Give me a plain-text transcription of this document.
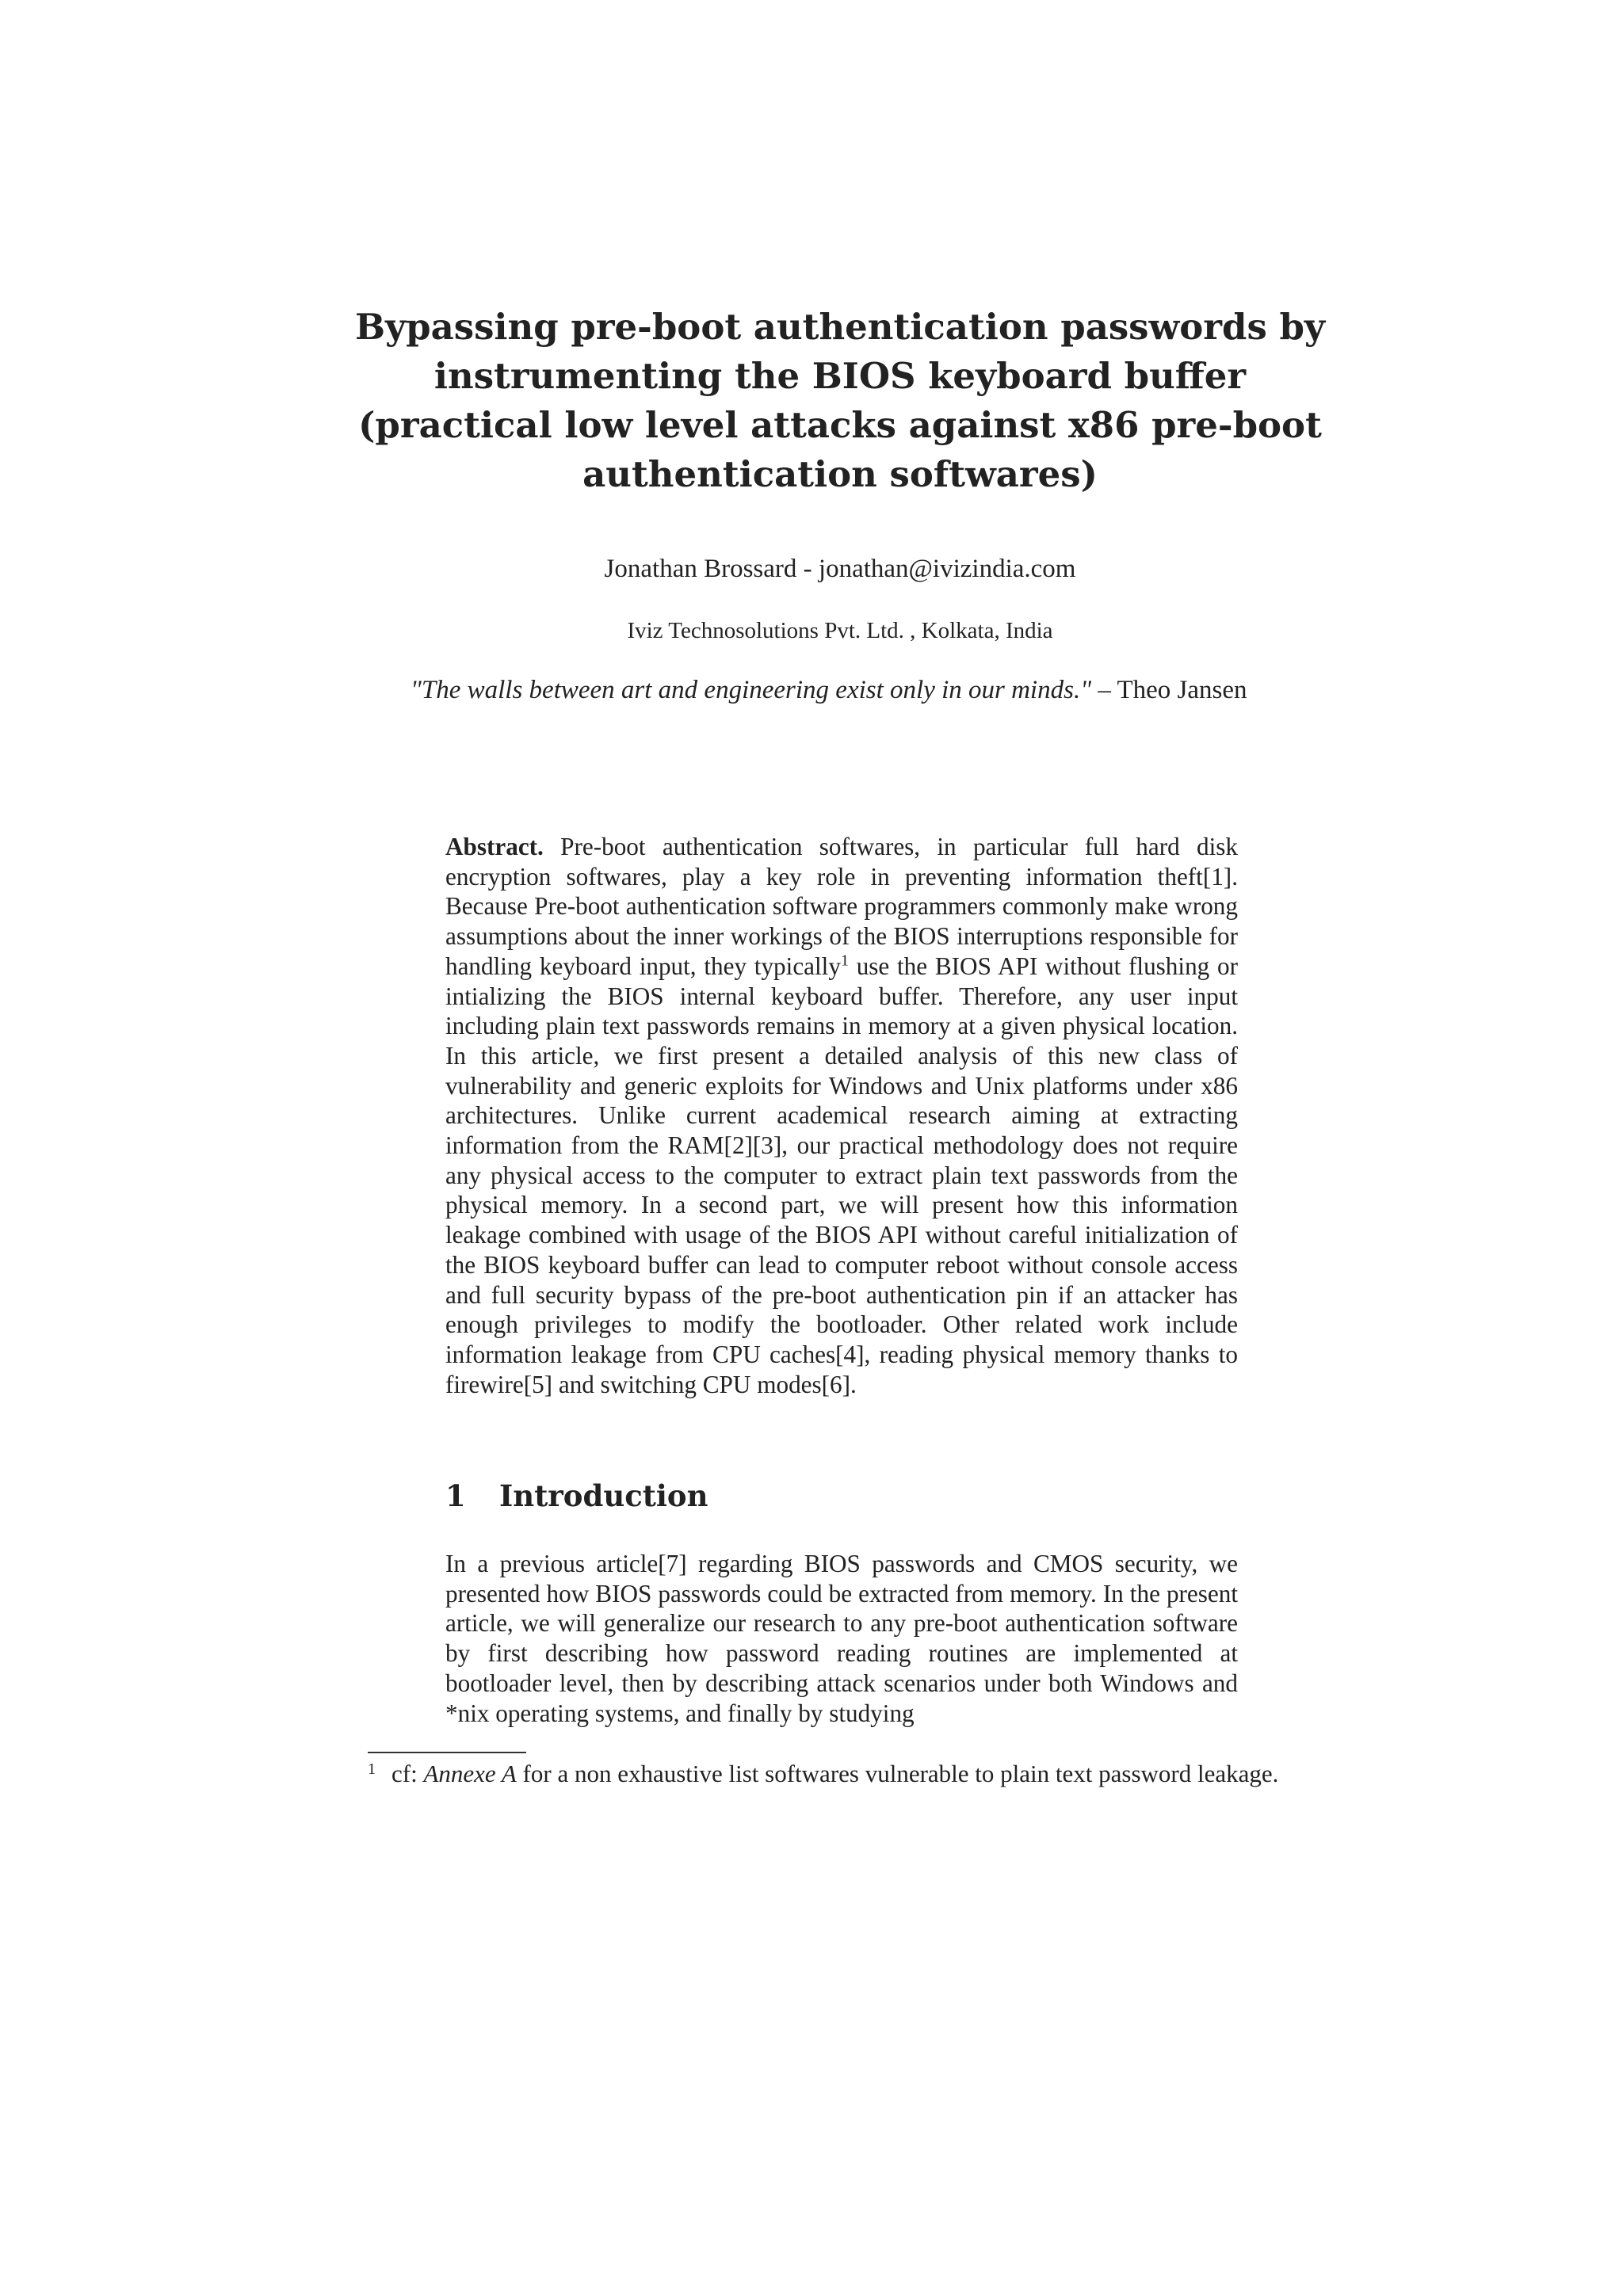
Bypassing pre-boot authentication passwords by
instrumenting the BIOS keyboard buffer
(practical low level attacks against x86 pre-boot
authentication softwares)
Jonathan Brossard - jonathan@ivizindia.com
Iviz Technosolutions Pvt. Ltd. , Kolkata, India
"The walls between art and engineering exist only in our minds." – Theo Jansen
Abstract. Pre-boot authentication softwares, in particular full hard disk encryption softwares, play a key role in preventing information theft[1]. Because Pre-boot authentication software programmers commonly make wrong assumptions about the inner workings of the BIOS interruptions responsible for handling keyboard input, they typically$^1$ use the BIOS API without flushing or intializing the BIOS internal keyboard buffer. Therefore, any user input including plain text passwords remains in memory at a given physical location. In this article, we first present a detailed analysis of this new class of vulnerability and generic exploits for Windows and Unix platforms under x86 architectures. Unlike current academical research aiming at extracting information from the RAM[2][3], our practical methodology does not require any physical access to the computer to extract plain text passwords from the physical memory. In a second part, we will present how this information leakage combined with usage of the BIOS API without careful initialization of the BIOS keyboard buffer can lead to computer reboot without console access and full security bypass of the pre-boot authentication pin if an attacker has enough privileges to modify the bootloader. Other related work include information leakage from CPU caches[4], reading physical memory thanks to firewire[5] and switching CPU modes[6].
1 Introduction
In a previous article[7] regarding BIOS passwords and CMOS security, we presented how BIOS passwords could be extracted from memory. In the present article, we will generalize our research to any pre-boot authentication software by first describing how password reading routines are implemented at bootloader level, then by describing attack scenarios under both Windows and *nix operating systems, and finally by studying
1 cf: Annexe A for a non exhaustive list softwares vulnerable to plain text password leakage.
